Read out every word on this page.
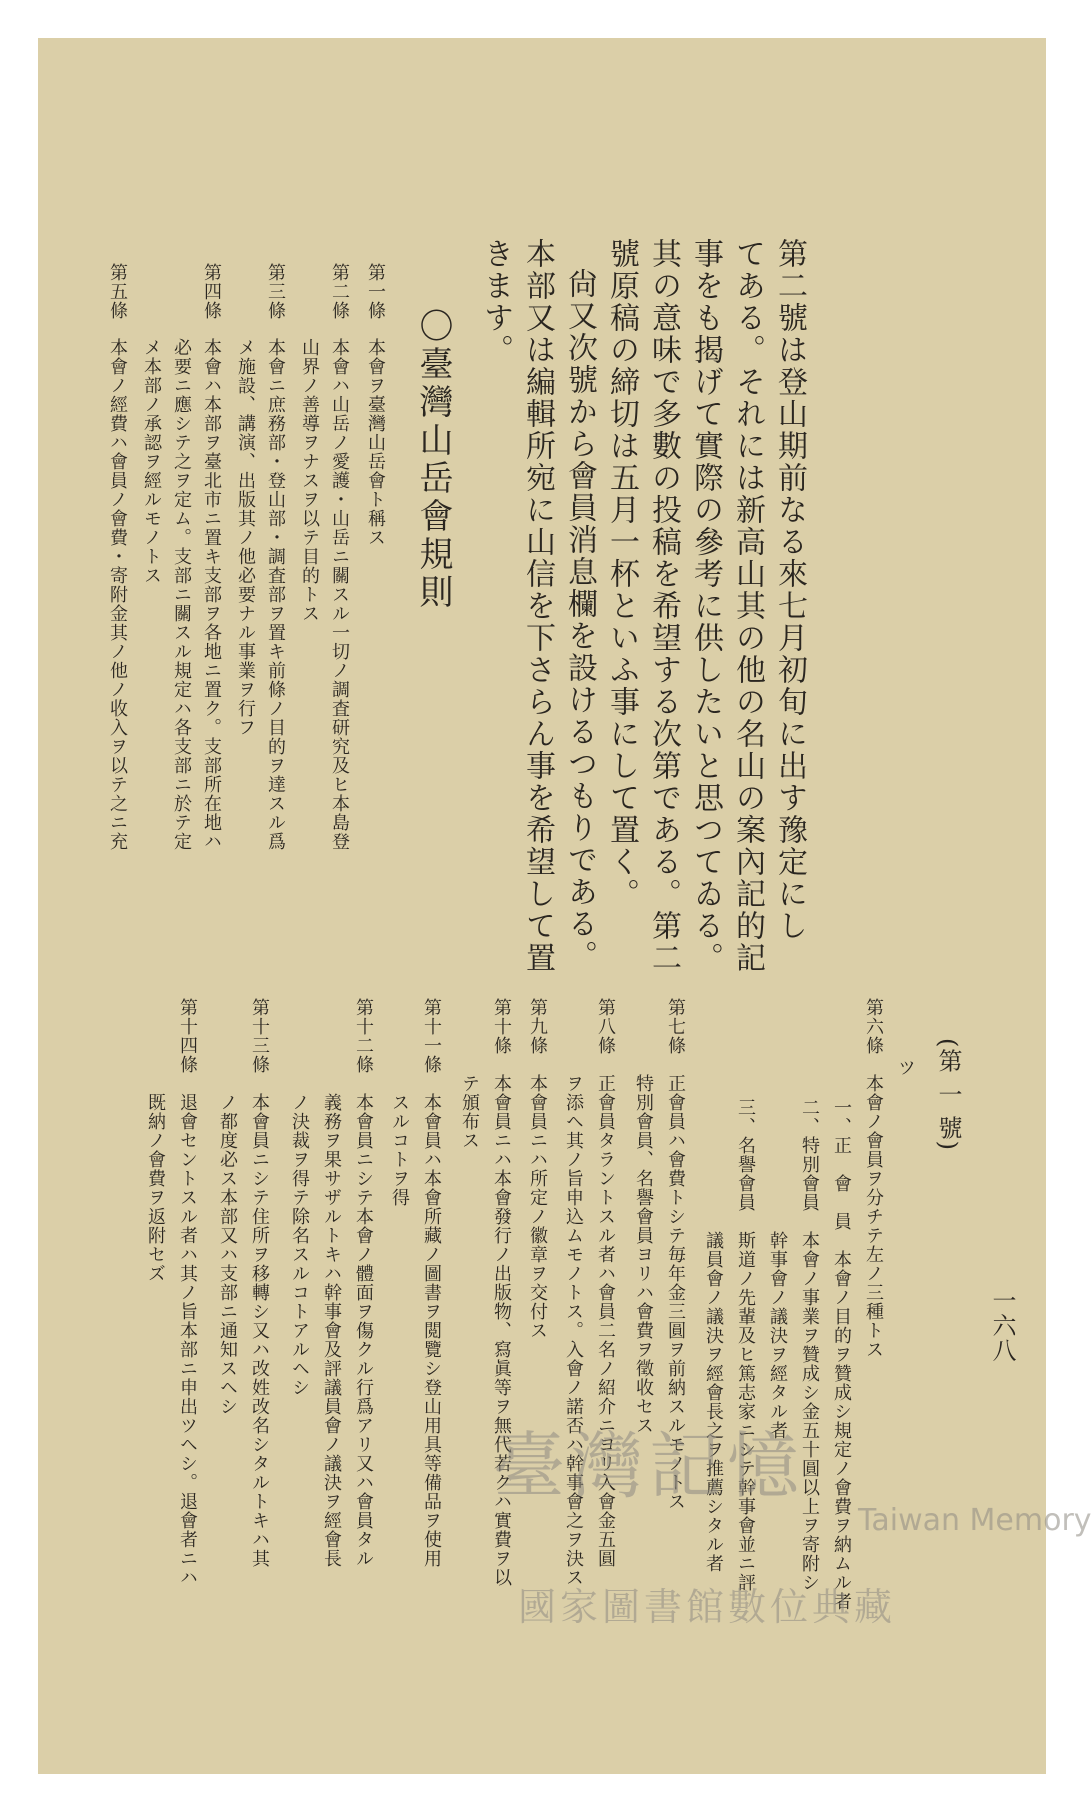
一六八
(第 一 號)
第二號は登山期前なる來七月初旬に出す豫定にし
てある。それには新高山其の他の名山の案內記的記
事をも揭げて實際の參考に供したいと思つてゐる。
其の意味で多數の投稿を希望する次第である。第二
號原稿の締切は五月一杯といふ事にして置く。
尙又次號から會員消息欄を設けるつもりである。
本部又は編輯所宛に山信を下さらん事を希望して置
きます。
〇臺灣山岳會規則
第一條
本會ヲ臺灣山岳會ト稱ス
第二條
本會ハ山岳ノ愛護・山岳ニ關スル一切ノ調査研究及ヒ本島登
山界ノ善導ヲナスヲ以テ目的トス
第三條
本會ニ庶務部・登山部・調査部ヲ置キ前條ノ目的ヲ達スル爲
メ施設、講演、出版其ノ他必要ナル事業ヲ行フ
第四條
本會ハ本部ヲ臺北市ニ置キ支部ヲ各地ニ置ク。支部所在地ハ
必要ニ應シテ之ヲ定ム。支部ニ關スル規定ハ各支部ニ於テ定
メ本部ノ承認ヲ經ルモノトス
第五條
本會ノ經費ハ會員ノ會費・寄附金其ノ他ノ收入ヲ以テ之ニ充
ツ
第六條　本會ノ會員ヲ分チテ左ノ三種トス
一、正　會　員　本會ノ目的ヲ贊成シ規定ノ會費ヲ納ムル者
二、特別會員　本會ノ事業ヲ贊成シ金五十圓以上ヲ寄附シ
　　　　　　　幹事會ノ議決ヲ經タル者
三、名譽會員　斯道ノ先輩及ヒ篤志家ニシテ幹事會並ニ評
　　　　　　　議員會ノ議決ヲ經會長之ヲ推薦シタル者
第七條　正會員ハ會費トシテ毎年金三圓ヲ前納スルモノトス
　　　　特別會員、名譽會員ヨリハ會費ヲ徵收セス
第八條　正會員タラントスル者ハ會員二名ノ紹介ニヨリ入會金五圓
　　　　ヲ添ヘ其ノ旨申込ムモノトス。入會ノ諾否ハ幹事會之ヲ決ス
第九條　本會員ニハ所定ノ徽章ヲ交付ス
第十條　本會員ニハ本會發行ノ出版物、寫眞等ヲ無代若クハ實費ヲ以
　　　　テ頒布ス
第十一條　本會員ハ本會所藏ノ圖書ヲ閲覽シ登山用具等備品ヲ使用
　　　　　スルコトヲ得
第十二條　本會員ニシテ本會ノ體面ヲ傷クル行爲アリ又ハ會員タル
　　　　　義務ヲ果サザルトキハ幹事會及評議員會ノ議決ヲ經會長
　　　　　ノ決裁ヲ得テ除名スルコトアルヘシ
第十三條　本會員ニシテ住所ヲ移轉シ又ハ改姓改名シタルトキハ其
　　　　　ノ都度必ス本部又ハ支部ニ通知スヘシ
第十四條　退會セントスル者ハ其ノ旨本部ニ申出ツヘシ。退會者ニハ
　　　　　既納ノ會費ヲ返附セズ
臺灣記憶
Taiwan Memory
國家圖書館數位典藏
